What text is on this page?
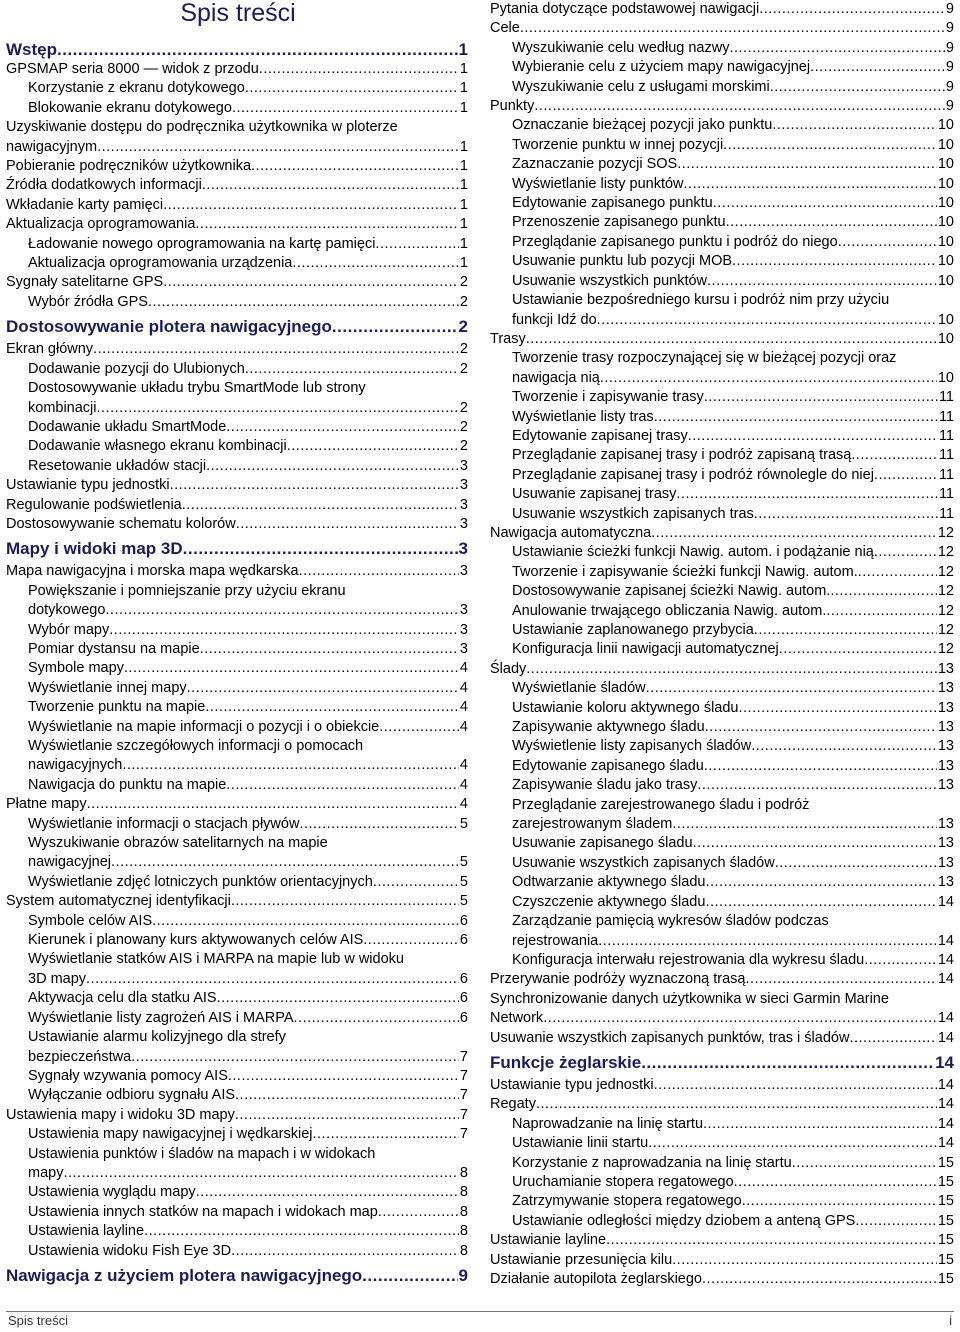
Spis treści
Wstęp .....	1
GPSMAP seria 8000 — widok z przodu .....	1
Korzystanie z ekranu dotykowego .....	1
Blokowanie ekranu dotykowego .....	1
Uzyskiwanie dostępu do podręcznika użytkownika w ploterze
nawigacyjnym .....	1
Pobieranie podręczników użytkownika .....	1
Źródła dodatkowych informacji .....	1
Wkładanie karty pamięci .....	1
Aktualizacja oprogramowania .....	1
Ładowanie nowego oprogramowania na kartę pamięci .....	1
Aktualizacja oprogramowania urządzenia .....	1
Sygnały satelitarne GPS .....	2
Wybór źródła GPS .....	2
Dostosowywanie plotera nawigacyjnego .....	2
Ekran główny .....	2
Dodawanie pozycji do Ulubionych .....	2
Dostosowywanie układu trybu SmartMode lub strony
kombinacji .....	2
Dodawanie układu SmartMode .....	2
Dodawanie własnego ekranu kombinacji .....	2
Resetowanie układów stacji .....	3
Ustawianie typu jednostki .....	3
Regulowanie podświetlenia .....	3
Dostosowywanie schematu kolorów .....	3
Mapy i widoki map 3D .....	3
Mapa nawigacyjna i morska mapa wędkarska .....	3
Powiększanie i pomniejszanie przy użyciu ekranu
dotykowego .....	3
Wybór mapy .....	3
Pomiar dystansu na mapie .....	3
Symbole mapy .....	4
Wyświetlanie innej mapy .....	4
Tworzenie punktu na mapie .....	4
Wyświetlanie na mapie informacji o pozycji i o obiekcie .....	4
Wyświetlanie szczegółowych informacji o pomocach
nawigacyjnych .....	4
Nawigacja do punktu na mapie .....	4
Płatne mapy .....	4
Wyświetlanie informacji o stacjach pływów .....	5
Wyszukiwanie obrazów satelitarnych na mapie
nawigacyjnej .....	5
Wyświetlanie zdjęć lotniczych punktów orientacyjnych .....	5
System automatycznej identyfikacji .....	5
Symbole celów AIS .....	6
Kierunek i planowany kurs aktywowanych celów AIS .....	6
Wyświetlanie statków AIS i MARPA na mapie lub w widoku
3D mapy .....	6
Aktywacja celu dla statku AIS .....	6
Wyświetlanie listy zagrożeń AIS i MARPA .....	6
Ustawianie alarmu kolizyjnego dla strefy
bezpieczeństwa .....	7
Sygnały wzywania pomocy AIS .....	7
Wyłączanie odbioru sygnału AIS .....	7
Ustawienia mapy i widoku 3D mapy .....	7
Ustawienia mapy nawigacyjnej i wędkarskiej .....	7
Ustawienia punktów i śladów na mapach i w widokach
mapy .....	8
Ustawienia wyglądu mapy .....	8
Ustawienia innych statków na mapach i widokach map .....	8
Ustawienia layline .....	8
Ustawienia widoku Fish Eye 3D .....	8
Nawigacja z użyciem plotera nawigacyjnego .....	9
Pytania dotyczące podstawowej nawigacji .....	9
Cele .....	9
Wyszukiwanie celu według nazwy .....	9
Wybieranie celu z użyciem mapy nawigacyjnej .....	9
Wyszukiwanie celu z usługami morskimi .....	9
Punkty .....	9
Oznaczanie bieżącej pozycji jako punktu .....	10
Tworzenie punktu w innej pozycji .....	10
Zaznaczanie pozycji SOS .....	10
Wyświetlanie listy punktów .....	10
Edytowanie zapisanego punktu .....	10
Przenoszenie zapisanego punktu .....	10
Przeglądanie zapisanego punktu i podróż do niego .....	10
Usuwanie punktu lub pozycji MOB .....	10
Usuwanie wszystkich punktów .....	10
Ustawianie bezpośredniego kursu i podróż nim przy użyciu
funkcji Idź do .....	10
Trasy .....	10
Tworzenie trasy rozpoczynającej się w bieżącej pozycji oraz
nawigacja nią .....	10
Tworzenie i zapisywanie trasy .....	11
Wyświetlanie listy tras .....	11
Edytowanie zapisanej trasy .....	11
Przeglądanie zapisanej trasy i podróż zapisaną trasą .....	11
Przeglądanie zapisanej trasy i podróż równolegle do niej .....	11
Usuwanie zapisanej trasy .....	11
Usuwanie wszystkich zapisanych tras .....	11
Nawigacja automatyczna .....	12
Ustawianie ścieżki funkcji Nawig. autom. i podążanie nią .....	12
Tworzenie i zapisywanie ścieżki funkcji Nawig. autom. .....	12
Dostosowywanie zapisanej ścieżki Nawig. autom. .....	12
Anulowanie trwającego obliczania Nawig. autom. .....	12
Ustawianie zaplanowanego przybycia .....	12
Konfiguracja linii nawigacji automatycznej .....	12
Ślady .....	13
Wyświetlanie śladów .....	13
Ustawianie koloru aktywnego śladu .....	13
Zapisywanie aktywnego śladu .....	13
Wyświetlenie listy zapisanych śladów .....	13
Edytowanie zapisanego śladu .....	13
Zapisywanie śladu jako trasy .....	13
Przeglądanie zarejestrowanego śladu i podróż
zarejestrowanym śladem .....	13
Usuwanie zapisanego śladu .....	13
Usuwanie wszystkich zapisanych śladów .....	13
Odtwarzanie aktywnego śladu .....	13
Czyszczenie aktywnego śladu .....	14
Zarządzanie pamięcią wykresów śladów podczas
rejestrowania .....	14
Konfiguracja interwału rejestrowania dla wykresu śladu .....	14
Przerywanie podróży wyznaczoną trasą .....	14
Synchronizowanie danych użytkownika w sieci Garmin Marine
Network .....	14
Usuwanie wszystkich zapisanych punktów, tras i śladów .....	14
Funkcje żeglarskie .....	14
Ustawianie typu jednostki .....	14
Regaty .....	14
Naprowadzanie na linię startu .....	14
Ustawianie linii startu .....	14
Korzystanie z naprowadzania na linię startu .....	15
Uruchamianie stopera regatowego .....	15
Zatrzymywanie stopera regatowego .....	15
Ustawianie odległości między dziobem a anteną GPS .....	15
Ustawianie layline .....	15
Ustawianie przesunięcia kilu .....	15
Działanie autopilota żeglarskiego .....	15
Spis treści	i
